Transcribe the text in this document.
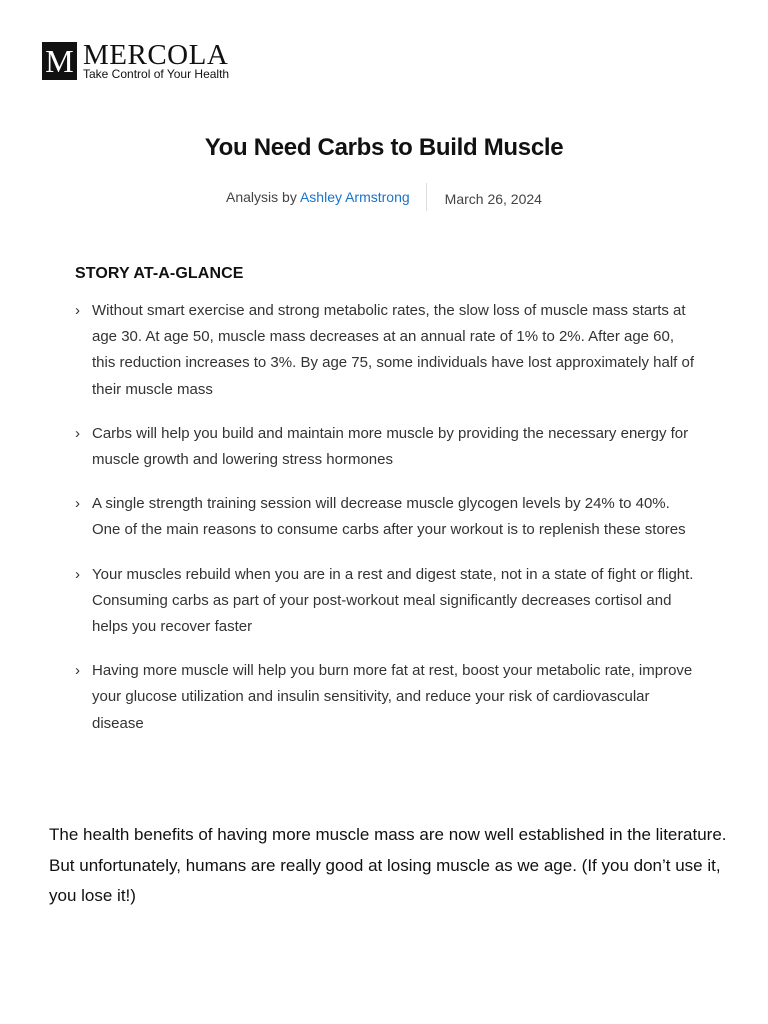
M MERCOLA
Take Control of Your Health
You Need Carbs to Build Muscle
Analysis by Ashley Armstrong	March 26, 2024
STORY AT-A-GLANCE
› Without smart exercise and strong metabolic rates, the slow loss of muscle mass starts at age 30. At age 50, muscle mass decreases at an annual rate of 1% to 2%. After age 60, this reduction increases to 3%. By age 75, some individuals have lost approximately half of their muscle mass
› Carbs will help you build and maintain more muscle by providing the necessary energy for muscle growth and lowering stress hormones
› A single strength training session will decrease muscle glycogen levels by 24% to 40%. One of the main reasons to consume carbs after your workout is to replenish these stores
› Your muscles rebuild when you are in a rest and digest state, not in a state of fight or flight. Consuming carbs as part of your post-workout meal significantly decreases cortisol and helps you recover faster
› Having more muscle will help you burn more fat at rest, boost your metabolic rate, improve your glucose utilization and insulin sensitivity, and reduce your risk of cardiovascular disease

The health benefits of having more muscle mass are now well established in the literature. But unfortunately, humans are really good at losing muscle as we age. (If you don’t use it, you lose it!)
